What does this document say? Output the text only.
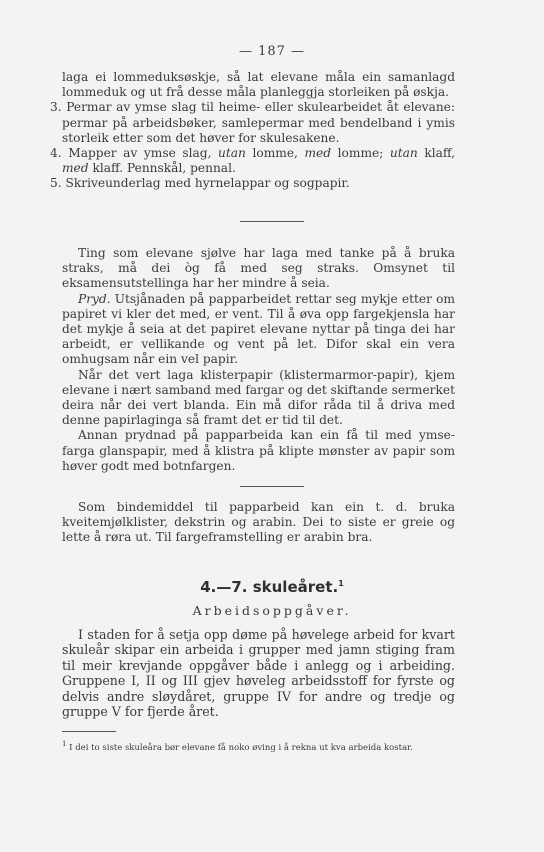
— 187 —

laga ei lommeduksøskje, så lat elevane måla ein samanlagd lommeduk og ut frå desse måla planleggja storleiken på øskja.

3. Permar av ymse slag til heime- eller skulearbeidet åt elevane: permar på arbeidsbøker, samlepermar med bendelband i ymis storleik etter som det høver for skulesakene.

4. Mapper av ymse slag, utan lomme, med lomme; utan klaff, med klaff. Pennskål, pennal.

5. Skriveunderlag med hyrnelappar og sogpapir.

Ting som elevane sjølve har laga med tanke på å bruka straks, må dei òg få med seg straks. Omsynet til eksamensutstellinga har her mindre å seia.

Pryd. Utsjånaden på papparbeidet rettar seg mykje etter om papiret vi kler det med, er vent. Til å øva opp fargekjensla har det mykje å seia at det papiret elevane nyttar på tinga dei har arbeidt, er vellikande og vent på let. Difor skal ein vera omhugsam når ein vel papir.

Når det vert laga klisterpapir (klistermarmor-papir), kjem elevane i nært samband med fargar og det skiftande sermerket deira når dei vert blanda. Ein må difor råda til å driva med denne papirlaginga så framt det er tid til det.

Annan prydnad på papparbeida kan ein få til med ymse-farga glanspapir, med å klistra på klipte mønster av papir som høver godt med botnfargen.

Som bindemiddel til papparbeid kan ein t. d. bruka kveitemjølklister, dekstrin og arabin. Dei to siste er greie og lette å røra ut. Til fargeframstelling er arabin bra.

4.—7. skuleåret.$^1$
Arbeidsoppgåver.

I staden for å setja opp døme på høvelege arbeid for kvart skuleår skipar ein arbeida i grupper med jamn stiging fram til meir krevjande oppgåver både i anlegg og i arbeiding. Gruppene I, II og III gjev høveleg arbeidsstoff for fyrste og delvis andre sløydåret, gruppe IV for andre og tredje og gruppe V for fjerde året.

$^1$ I dei to siste skuleåra bør elevane få noko øving i å rekna ut kva arbeida kostar.
